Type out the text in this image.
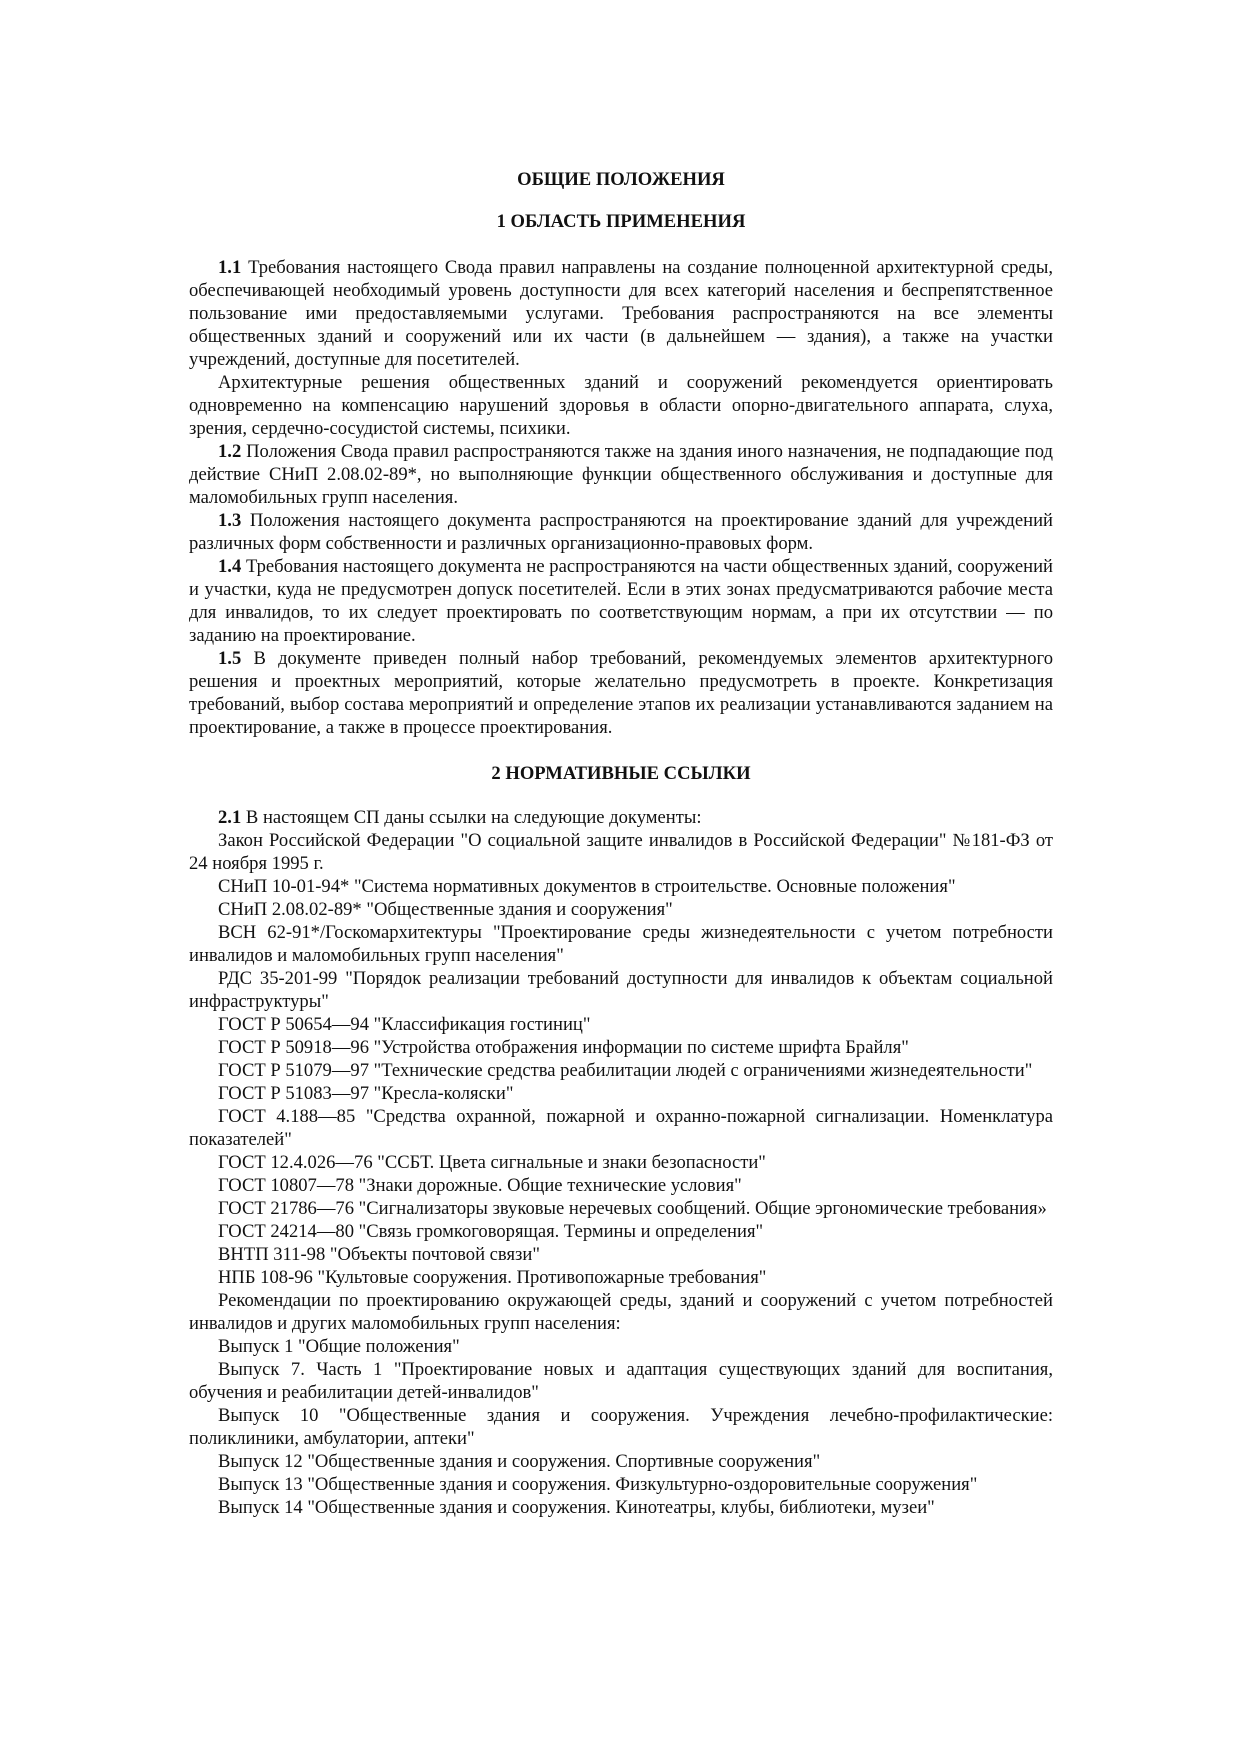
ОБЩИЕ ПОЛОЖЕНИЯ
1 ОБЛАСТЬ ПРИМЕНЕНИЯ

1.1 Требования настоящего Свода правил направлены на создание полноценной архитектурной среды, обеспечивающей необходимый уровень доступности для всех категорий населения и беспрепятственное пользование ими предоставляемыми услугами. Требования распространяются на все элементы общественных зданий и сооружений или их части (в дальнейшем — здания), а также на участки учреждений, доступные для посетителей.

Архитектурные решения общественных зданий и сооружений рекомендуется ориентировать одновременно на компенсацию нарушений здоровья в области опорно-двигательного аппарата, слуха, зрения, сердечно-сосудистой системы, психики.

1.2 Положения Свода правил распространяются также на здания иного назначения, не подпадающие под действие СНиП 2.08.02-89*, но выполняющие функции общественного обслуживания и доступные для маломобильных групп населения.

1.3 Положения настоящего документа распространяются на проектирование зданий для учреждений различных форм собственности и различных организационно-правовых форм.

1.4 Требования настоящего документа не распространяются на части общественных зданий, сооружений и участки, куда не предусмотрен допуск посетителей. Если в этих зонах предусматриваются рабочие места для инвалидов, то их следует проектировать по соответствующим нормам, а при их отсутствии — по заданию на проектирование.

1.5 В документе приведен полный набор требований, рекомендуемых элементов архитектурного решения и проектных мероприятий, которые желательно предусмотреть в проекте. Конкретизация требований, выбор состава мероприятий и определение этапов их реализации устанавливаются заданием на проектирование, а также в процессе проектирования.

2 НОРМАТИВНЫЕ ССЫЛКИ

2.1 В настоящем СП даны ссылки на следующие документы:

Закон Российской Федерации "О социальной защите инвалидов в Российской Федерации" №181-ФЗ от 24 ноября 1995 г.

СНиП 10-01-94* "Система нормативных документов в строительстве. Основные положения"

СНиП 2.08.02-89* "Общественные здания и сооружения"

ВСН 62-91*/Госкомархитектуры "Проектирование среды жизнедеятельности с учетом потребности инвалидов и маломобильных групп населения"

РДС 35-201-99 "Порядок реализации требований доступности для инвалидов к объектам социальной инфраструктуры"

ГОСТ Р 50654—94 "Классификация гостиниц"

ГОСТ Р 50918—96 "Устройства отображения информации по системе шрифта Брайля"

ГОСТ Р 51079—97 "Технические средства реабилитации людей с ограничениями жизнедеятельности"

ГОСТ Р 51083—97 "Кресла-коляски"

ГОСТ 4.188—85 "Средства охранной, пожарной и охранно-пожарной сигнализации. Номенклатура показателей"

ГОСТ 12.4.026—76 "ССБТ. Цвета сигнальные и знаки безопасности"

ГОСТ 10807—78 "Знаки дорожные. Общие технические условия"

ГОСТ 21786—76 "Сигнализаторы звуковые неречевых сообщений. Общие эргономические требования»

ГОСТ 24214—80 "Связь громкоговорящая. Термины и определения"

ВНТП 311-98 "Объекты почтовой связи"

НПБ 108-96 "Культовые сооружения. Противопожарные требования"

Рекомендации по проектированию окружающей среды, зданий и сооружений с учетом потребностей инвалидов и других маломобильных групп населения:

Выпуск 1 "Общие положения"

Выпуск 7. Часть 1 "Проектирование новых и адаптация существующих зданий для воспитания, обучения и реабилитации детей-инвалидов"

Выпуск 10 "Общественные здания и сооружения. Учреждения лечебно-профилактические: поликлиники, амбулатории, аптеки"

Выпуск 12 "Общественные здания и сооружения. Спортивные сооружения"

Выпуск 13 "Общественные здания и сооружения. Физкультурно-оздоровительные сооружения"

Выпуск 14 "Общественные здания и сооружения. Кинотеатры, клубы, библиотеки, музеи"
